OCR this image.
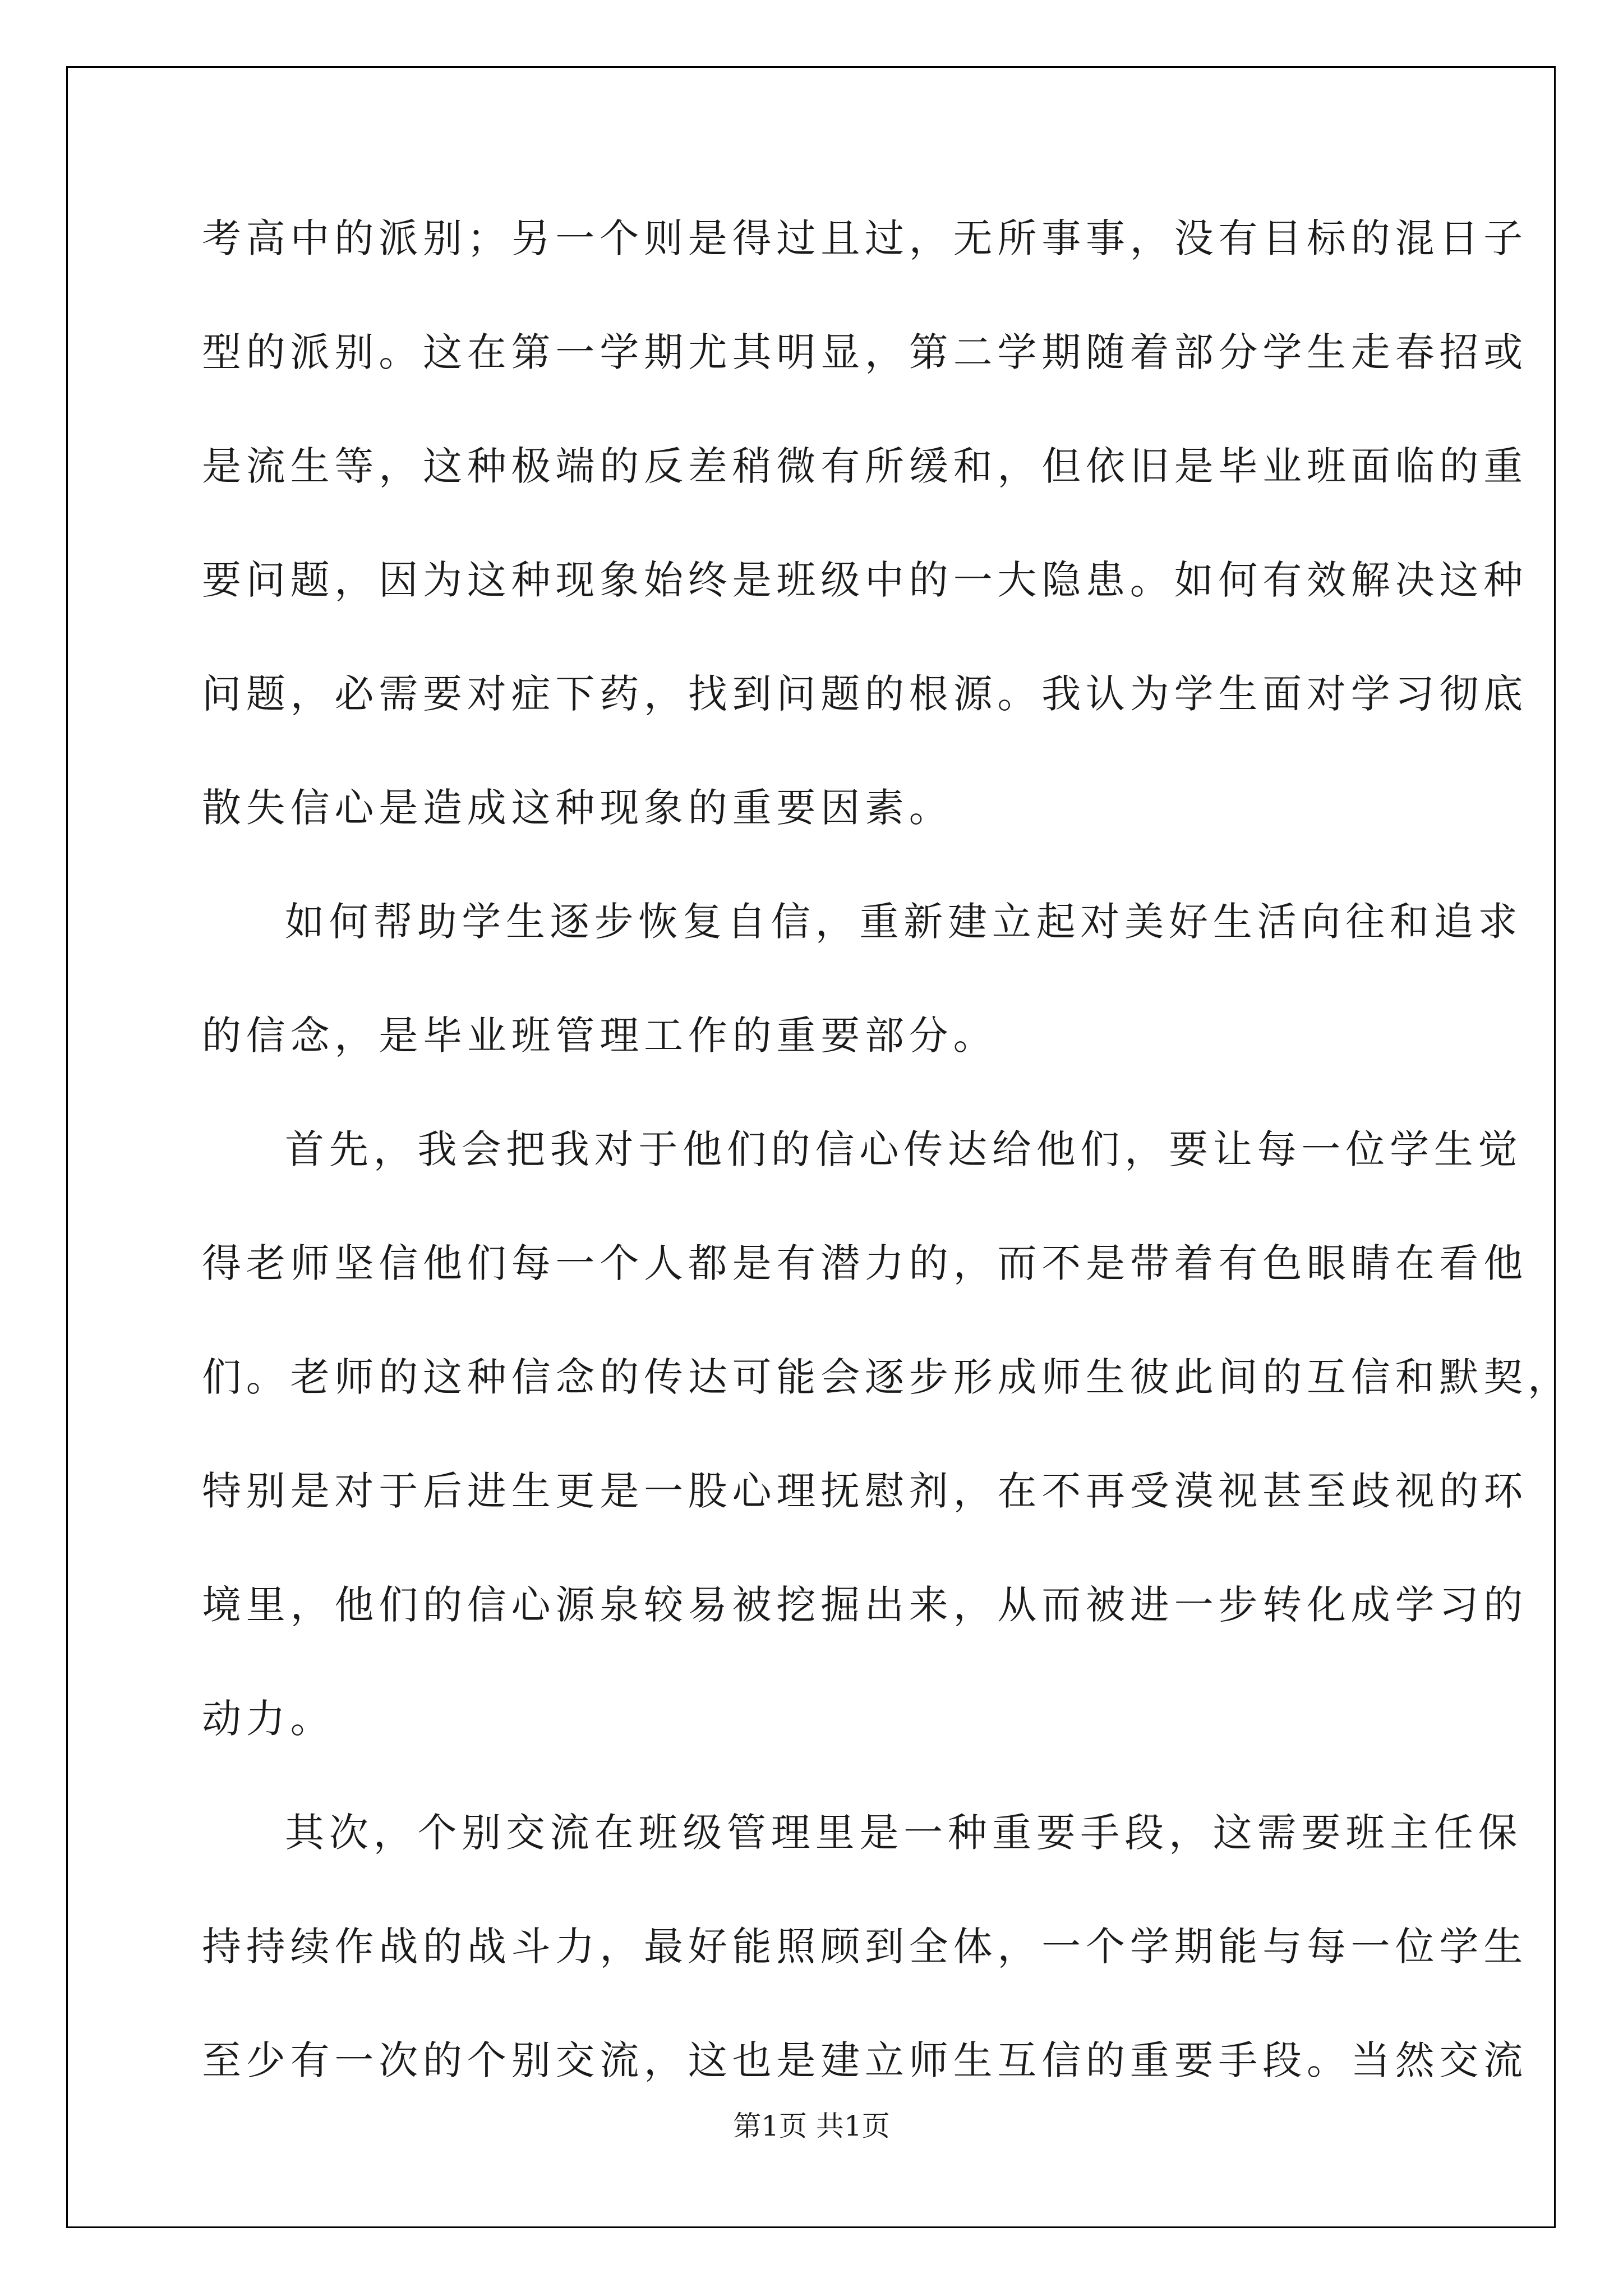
考高中的派别；另一个则是得过且过，无所事事，没有目标的混日子
型的派别。这在第一学期尤其明显，第二学期随着部分学生走春招或
是流生等，这种极端的反差稍微有所缓和，但依旧是毕业班面临的重
要问题，因为这种现象始终是班级中的一大隐患。如何有效解决这种
问题，必需要对症下药，找到问题的根源。我认为学生面对学习彻底
散失信心是造成这种现象的重要因素。
如何帮助学生逐步恢复自信，重新建立起对美好生活向往和追求
的信念，是毕业班管理工作的重要部分。
首先，我会把我对于他们的信心传达给他们，要让每一位学生觉
得老师坚信他们每一个人都是有潜力的，而不是带着有色眼睛在看他
们。老师的这种信念的传达可能会逐步形成师生彼此间的互信和默契，
特别是对于后进生更是一股心理抚慰剂，在不再受漠视甚至歧视的环
境里，他们的信心源泉较易被挖掘出来，从而被进一步转化成学习的
动力。
其次，个别交流在班级管理里是一种重要手段，这需要班主任保
持持续作战的战斗力，最好能照顾到全体，一个学期能与每一位学生
至少有一次的个别交流，这也是建立师生互信的重要手段。当然交流
第1页 共1页
